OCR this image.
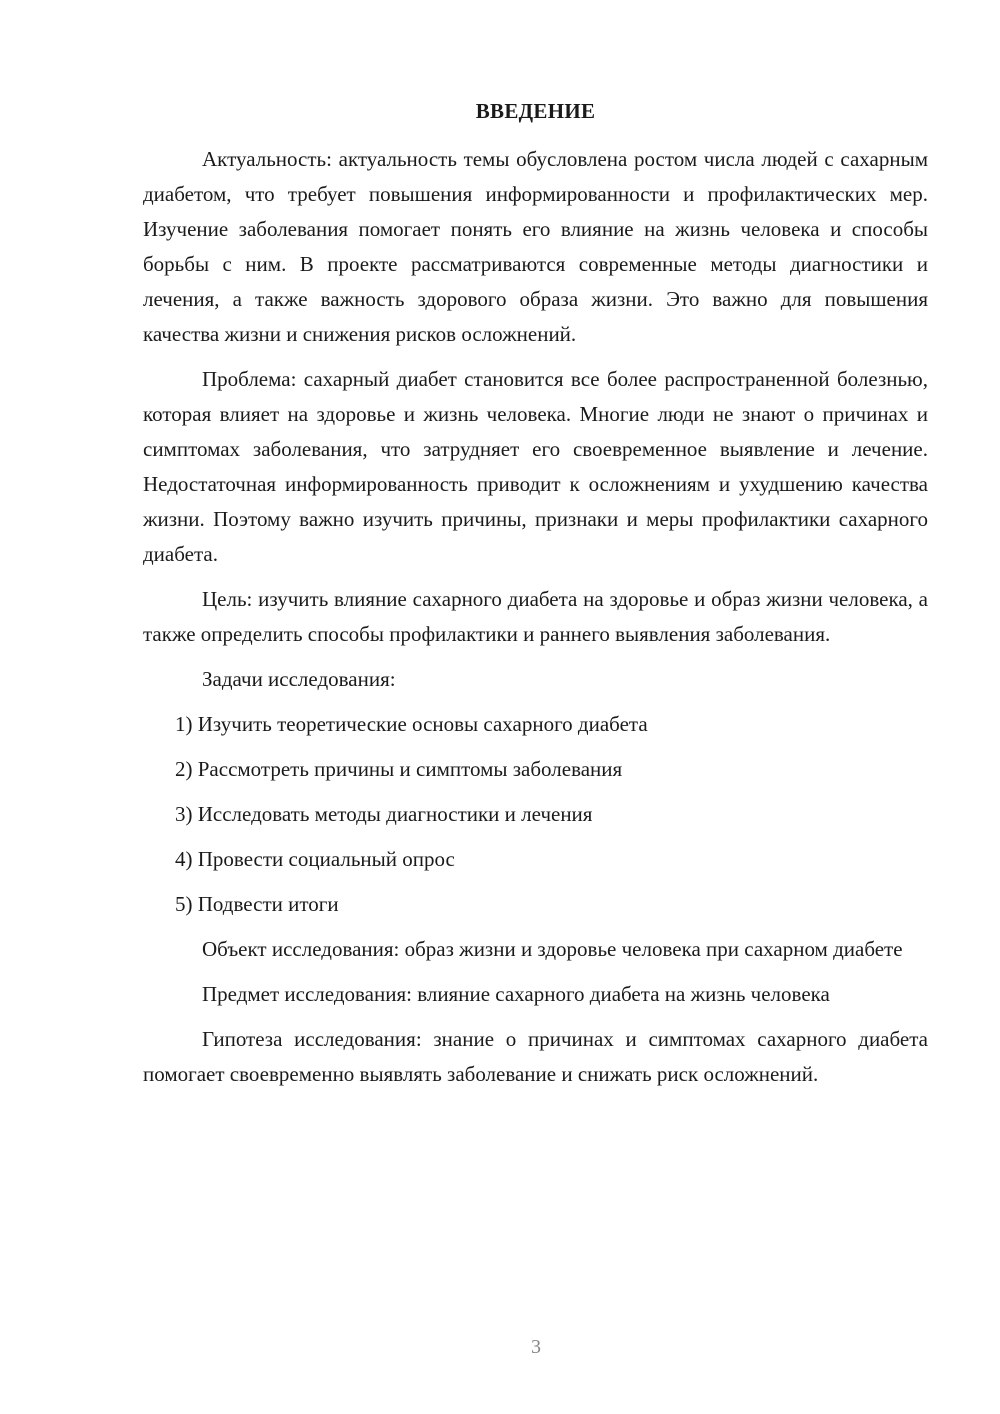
ВВЕДЕНИЕ

Актуальность: актуальность темы обусловлена ростом числа людей с сахарным диабетом, что требует повышения информированности и профилактических мер. Изучение заболевания помогает понять его влияние на жизнь человека и способы борьбы с ним. В проекте рассматриваются современные методы диагностики и лечения, а также важность здорового образа жизни. Это важно для повышения качества жизни и снижения рисков осложнений.

Проблема: сахарный диабет становится все более распространенной болезнью, которая влияет на здоровье и жизнь человека. Многие люди не знают о причинах и симптомах заболевания, что затрудняет его своевременное выявление и лечение. Недостаточная информированность приводит к осложнениям и ухудшению качества жизни. Поэтому важно изучить причины, признаки и меры профилактики сахарного диабета.

Цель: изучить влияние сахарного диабета на здоровье и образ жизни человека, а также определить способы профилактики и раннего выявления заболевания.

Задачи исследования:

1) Изучить теоретические основы сахарного диабета

2) Рассмотреть причины и симптомы заболевания

3) Исследовать методы диагностики и лечения

4) Провести социальный опрос

5) Подвести итоги

Объект исследования: образ жизни и здоровье человека при сахарном диабете

Предмет исследования: влияние сахарного диабета на жизнь человека

Гипотеза исследования: знание о причинах и симптомах сахарного диабета помогает своевременно выявлять заболевание и снижать риск осложнений.

3
